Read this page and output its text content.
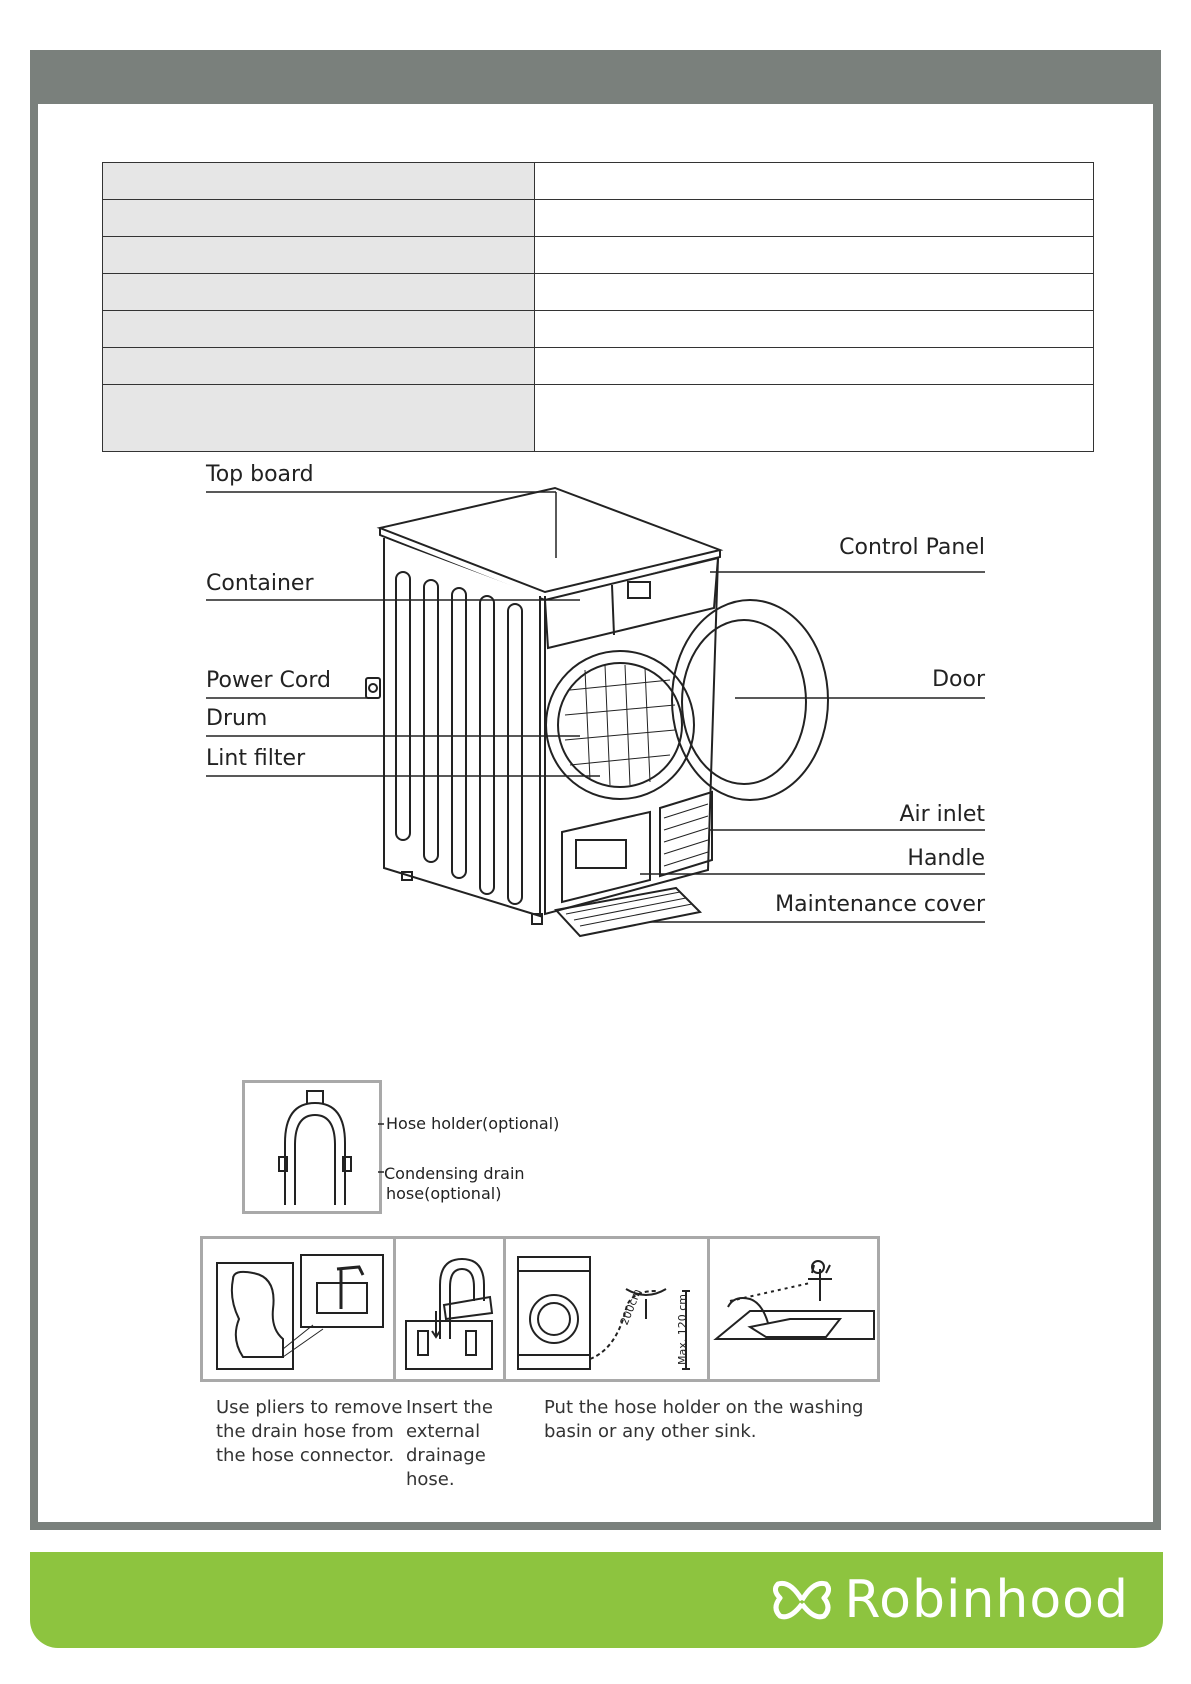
Top board
Container
Power Cord
Drum
Lint filter
Control Panel
Door
Air inlet
Handle
Maintenance cover
Hose holder(optional)
Condensing drain
hose(optional)
200cm	Max. 120 cm
Use pliers to remove
the drain hose from
the hose connector.
Insert the
external
drainage
hose.
Put the hose holder on the washing
basin or any other sink.
Robinhood
